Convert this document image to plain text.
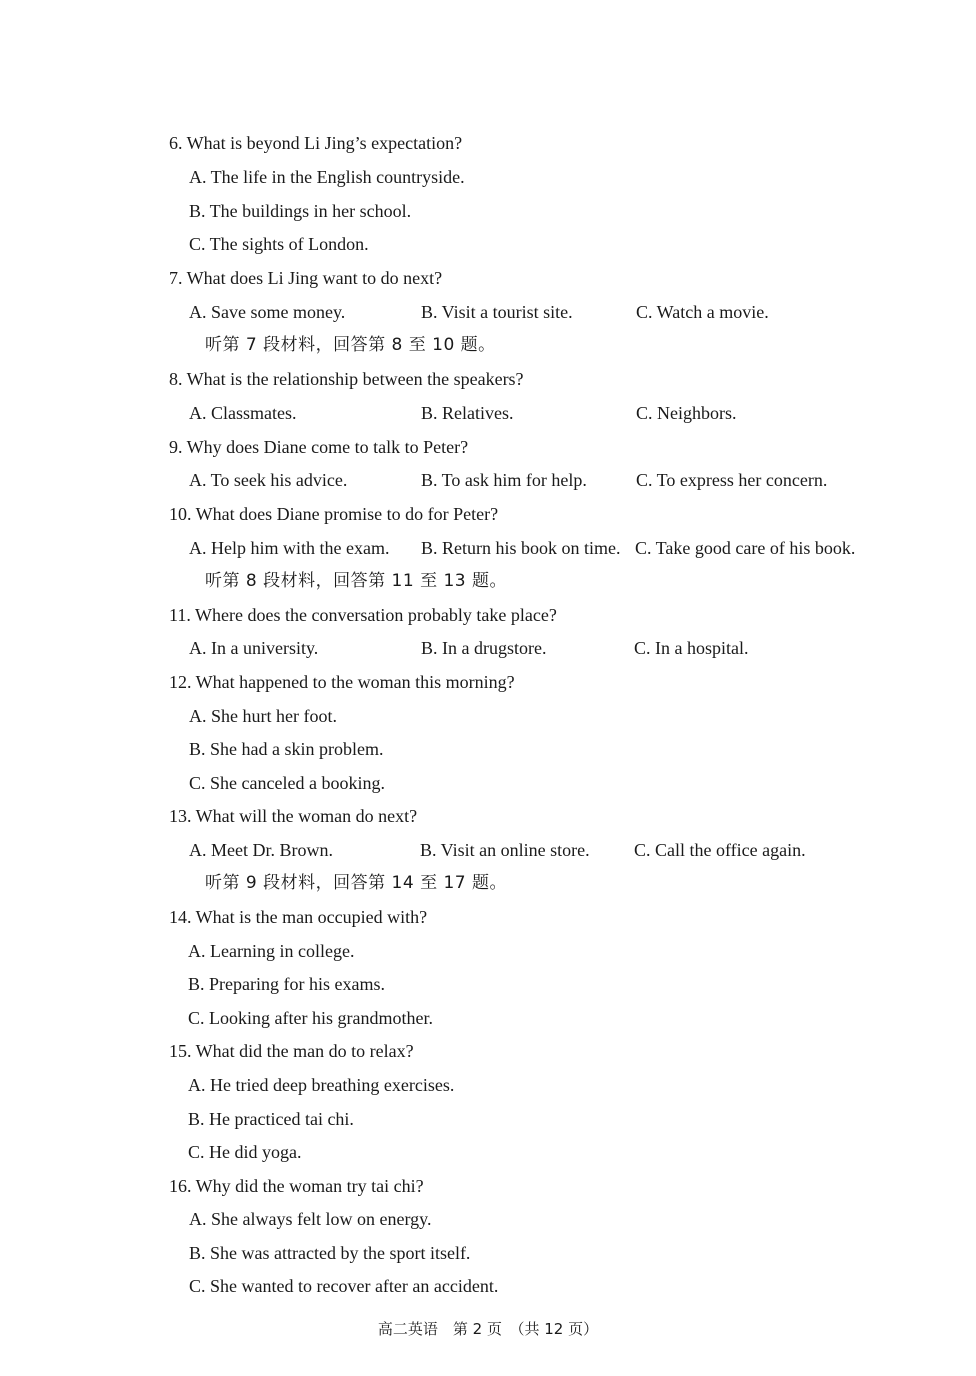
6. What is beyond Li Jing’s expectation?
A. The life in the English countryside.
B. The buildings in her school.
C. The sights of London.
7. What does Li Jing want to do next?
A. Save some money.	B. Visit a tourist site.	C. Watch a movie.
听第 7 段材料，回答第 8 至 10 题。
8. What is the relationship between the speakers?
A. Classmates.	B. Relatives.	C. Neighbors.
9. Why does Diane come to talk to Peter?
A. To seek his advice.	B. To ask him for help.	C. To express her concern.
10. What does Diane promise to do for Peter?
A. Help him with the exam. B. Return his book on time. C. Take good care of his book.
听第 8 段材料，回答第 11 至 13 题。
11. Where does the conversation probably take place?
A. In a university.	B. In a drugstore.	C. In a hospital.
12. What happened to the woman this morning?
A. She hurt her foot.
B. She had a skin problem.
C. She canceled a booking.
13. What will the woman do next?
A. Meet Dr. Brown.	B. Visit an online store. C. Call the office again.
听第 9 段材料，回答第 14 至 17 题。
14. What is the man occupied with?
A. Learning in college.
B. Preparing for his exams.
C. Looking after his grandmother.
15. What did the man do to relax?
A. He tried deep breathing exercises.
B. He practiced tai chi.
C. He did yoga.
16. Why did the woman try tai chi?
A. She always felt low on energy.
B. She was attracted by the sport itself.
C. She wanted to recover after an accident.
高二英语　第 2 页　（共 12 页）
